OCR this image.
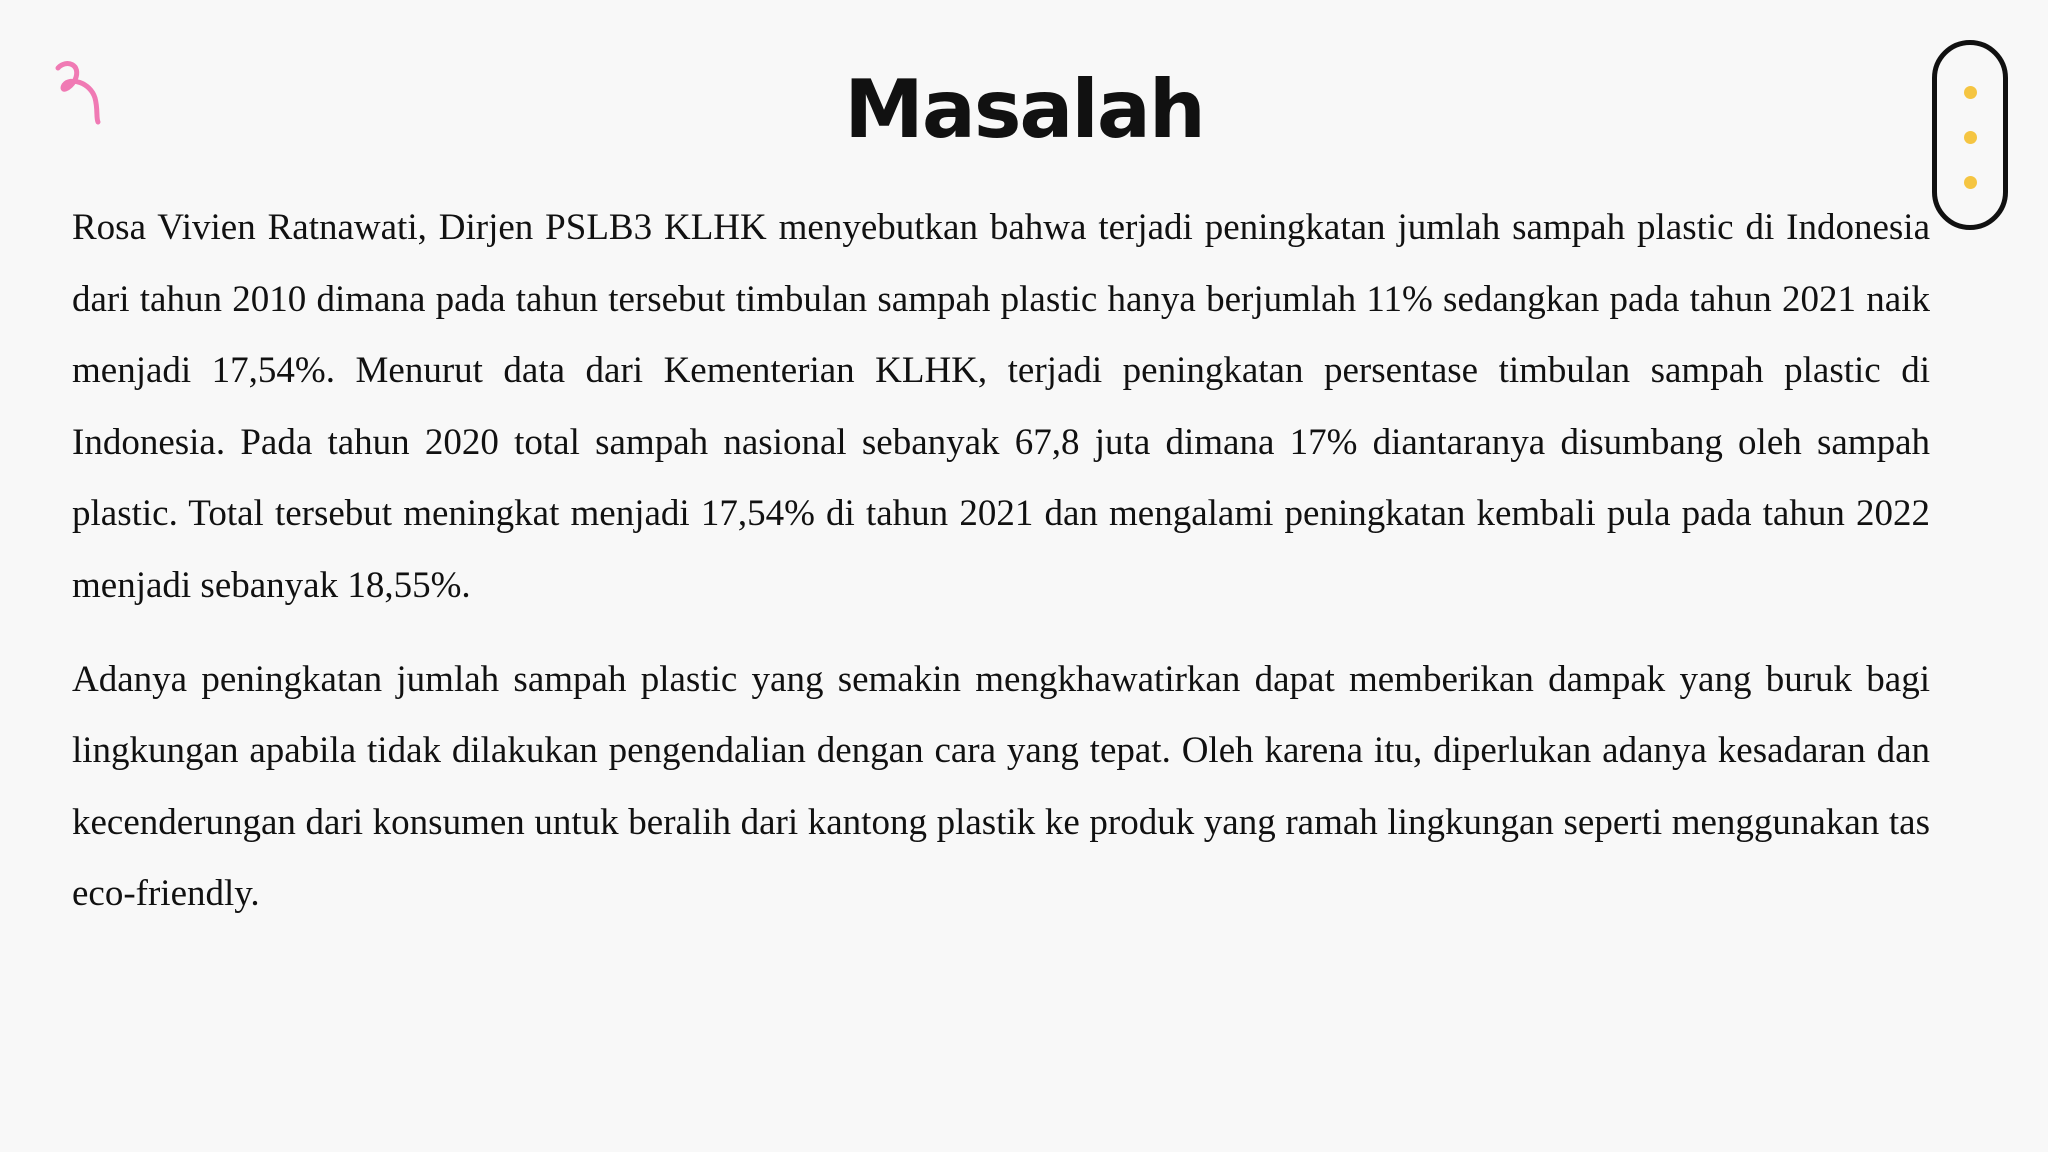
Masalah

Rosa Vivien Ratnawati, Dirjen PSLB3 KLHK menyebutkan bahwa terjadi peningkatan jumlah sampah plastic di Indonesia dari tahun 2010 dimana pada tahun tersebut timbulan sampah plastic hanya berjumlah 11% sedangkan pada tahun 2021 naik menjadi 17,54%. Menurut data dari Kementerian KLHK, terjadi peningkatan persentase timbulan sampah plastic di Indonesia. Pada tahun 2020 total sampah nasional sebanyak 67,8 juta dimana 17% diantaranya disumbang oleh sampah plastic. Total tersebut meningkat menjadi 17,54% di tahun 2021 dan mengalami peningkatan kembali pula pada tahun 2022 menjadi sebanyak 18,55%.

Adanya peningkatan jumlah sampah plastic yang semakin mengkhawatirkan dapat memberikan dampak yang buruk bagi lingkungan apabila tidak dilakukan pengendalian dengan cara yang tepat. Oleh karena itu, diperlukan adanya kesadaran dan kecenderungan dari konsumen untuk beralih dari kantong plastik ke produk yang ramah lingkungan seperti menggunakan tas eco-friendly.
